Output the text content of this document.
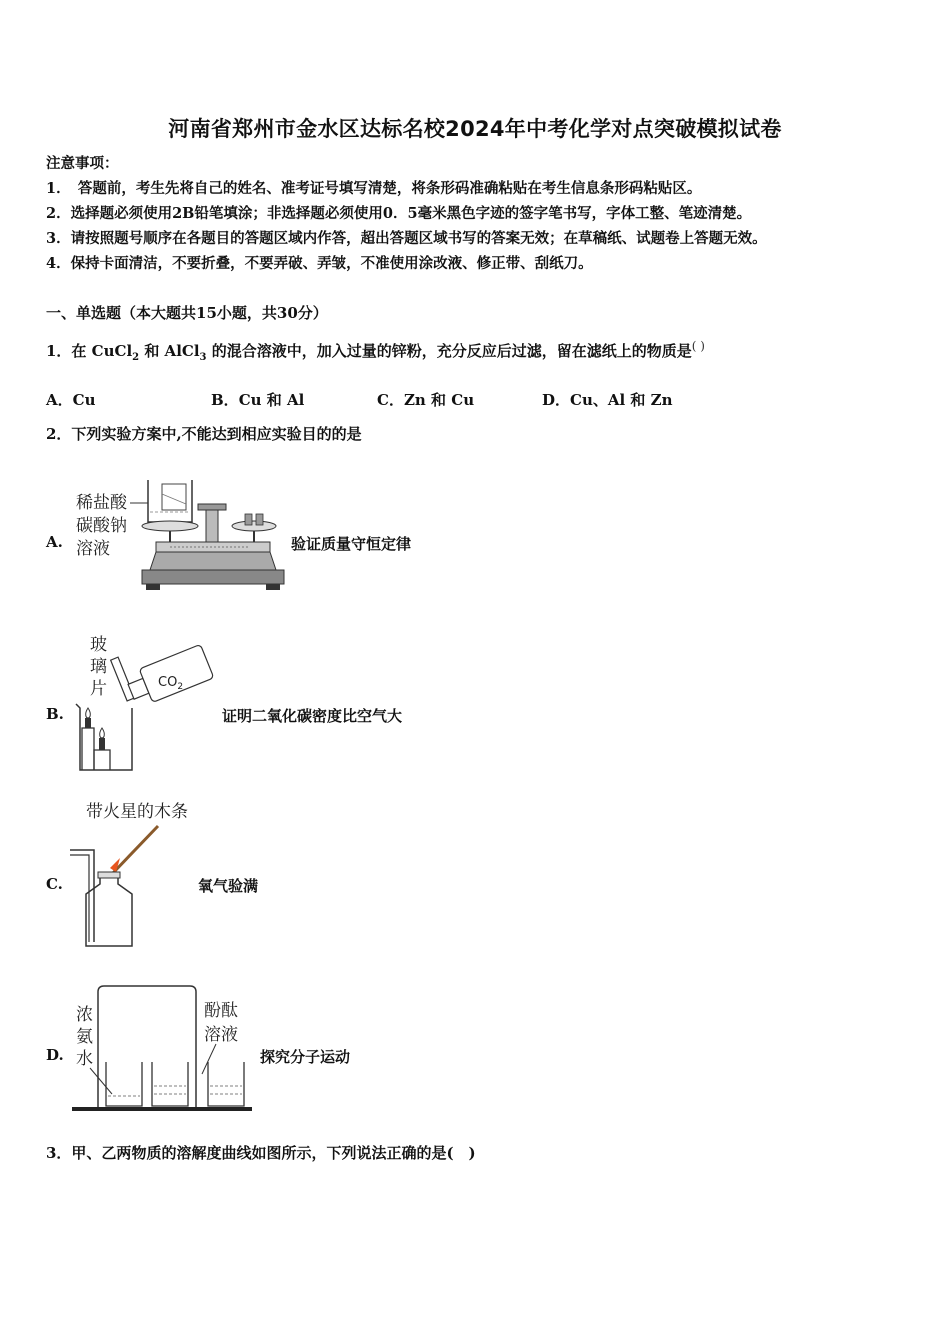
河南省郑州市金水区达标名校2024年中考化学对点突破模拟试卷
注意事项：
1．　答题前，考生先将自己的姓名、准考证号填写清楚，将条形码准确粘贴在考生信息条形码粘贴区。
2．选择题必须使用2B铅笔填涂；非选择题必须使用0．5毫米黑色字迹的签字笔书写，字体工整、笔迹清楚。
3．请按照题号顺序在各题目的答题区域内作答，超出答题区域书写的答案无效；在草稿纸、试题卷上答题无效。
4．保持卡面清洁，不要折叠，不要弄破、弄皱，不准使用涂改液、修正带、刮纸刀。
一、单选题（本大题共15小题，共30分）
1．在 CuCl$_2$ 和 AlCl$_3$ 的混合溶液中，加入过量的锌粉，充分反应后过滤，留在滤纸上的物质是( )
A．Cu	B．Cu 和 Al	C．Zn 和 Cu	D．Cu、Al 和 Zn
2．下列实验方案中,不能达到相应实验目的的是
A.
稀盐酸
碳酸钠
溶液	验证质量守恒定律
B.
玻
璃
片	$CO_2$
证明二氧化碳密度比空气大
C.
带火星的木条
氧气验满
D.
浓
氨
水
酚酞
溶液
探究分子运动
3．甲、乙两物质的溶解度曲线如图所示，下列说法正确的是(　)
